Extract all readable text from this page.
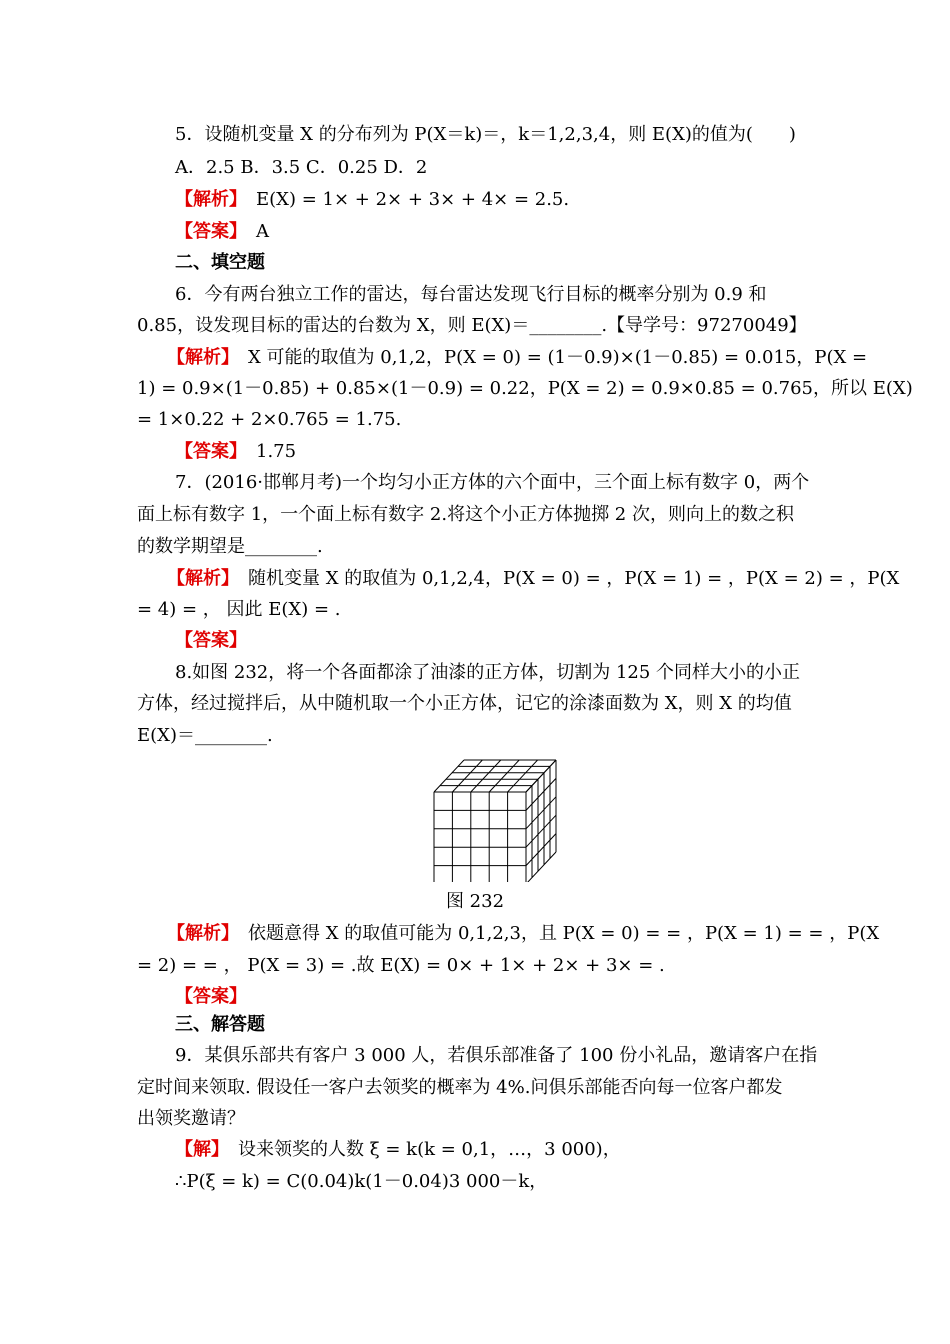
5．设随机变量 X 的分布列为 P(X＝k)＝，k＝1,2,3,4，则 E(X)的值为(　　)
A．2.5 B．3.5 C．0.25 D．2
【解析】　E(X) = 1× + 2× + 3× + 4× = 2.5.
【答案】　A
二、填空题
6．今有两台独立工作的雷达，每台雷达发现飞行目标的概率分别为 0.9 和
0.85，设发现目标的雷达的台数为 X，则 E(X)＝________.【导学号：97270049】
【解析】　X 可能的取值为 0,1,2，P(X = 0) = (1－0.9)×(1－0.85) = 0.015，P(X =
1) = 0.9×(1－0.85) + 0.85×(1－0.9) = 0.22，P(X = 2) = 0.9×0.85 = 0.765，所以 E(X)
= 1×0.22 + 2×0.765 = 1.75.
【答案】　1.75
7．(2016·邯郸月考)一个均匀小正方体的六个面中，三个面上标有数字 0，两个
面上标有数字 1，一个面上标有数字 2.将这个小正方体抛掷 2 次，则向上的数之积
的数学期望是________.
【解析】　随机变量 X 的取值为 0,1,2,4，P(X = 0) = ，P(X = 1) = ，P(X = 2) = ，P(X
= 4) = ， 因此 E(X) = .
【答案】
8.如图 232，将一个各面都涂了油漆的正方体，切割为 125 个同样大小的小正
方体，经过搅拌后，从中随机取一个小正方体，记它的涂漆面数为 X，则 X 的均值
E(X)＝________.
图 232
【解析】　依题意得 X 的取值可能为 0,1,2,3，且 P(X = 0) = = ，P(X = 1) = = ，P(X
= 2) = = ， P(X = 3) = .故 E(X) = 0× + 1× + 2× + 3× = .
【答案】
三、解答题
9．某俱乐部共有客户 3 000 人，若俱乐部准备了 100 份小礼品，邀请客户在指
定时间来领取. 假设任一客户去领奖的概率为 4%.问俱乐部能否向每一位客户都发
出领奖邀请？
【解】　设来领奖的人数 ξ = k(k = 0,1，…，3 000)，
∴P(ξ = k) = C(0.04)k(1－0.04)3 000－k，
